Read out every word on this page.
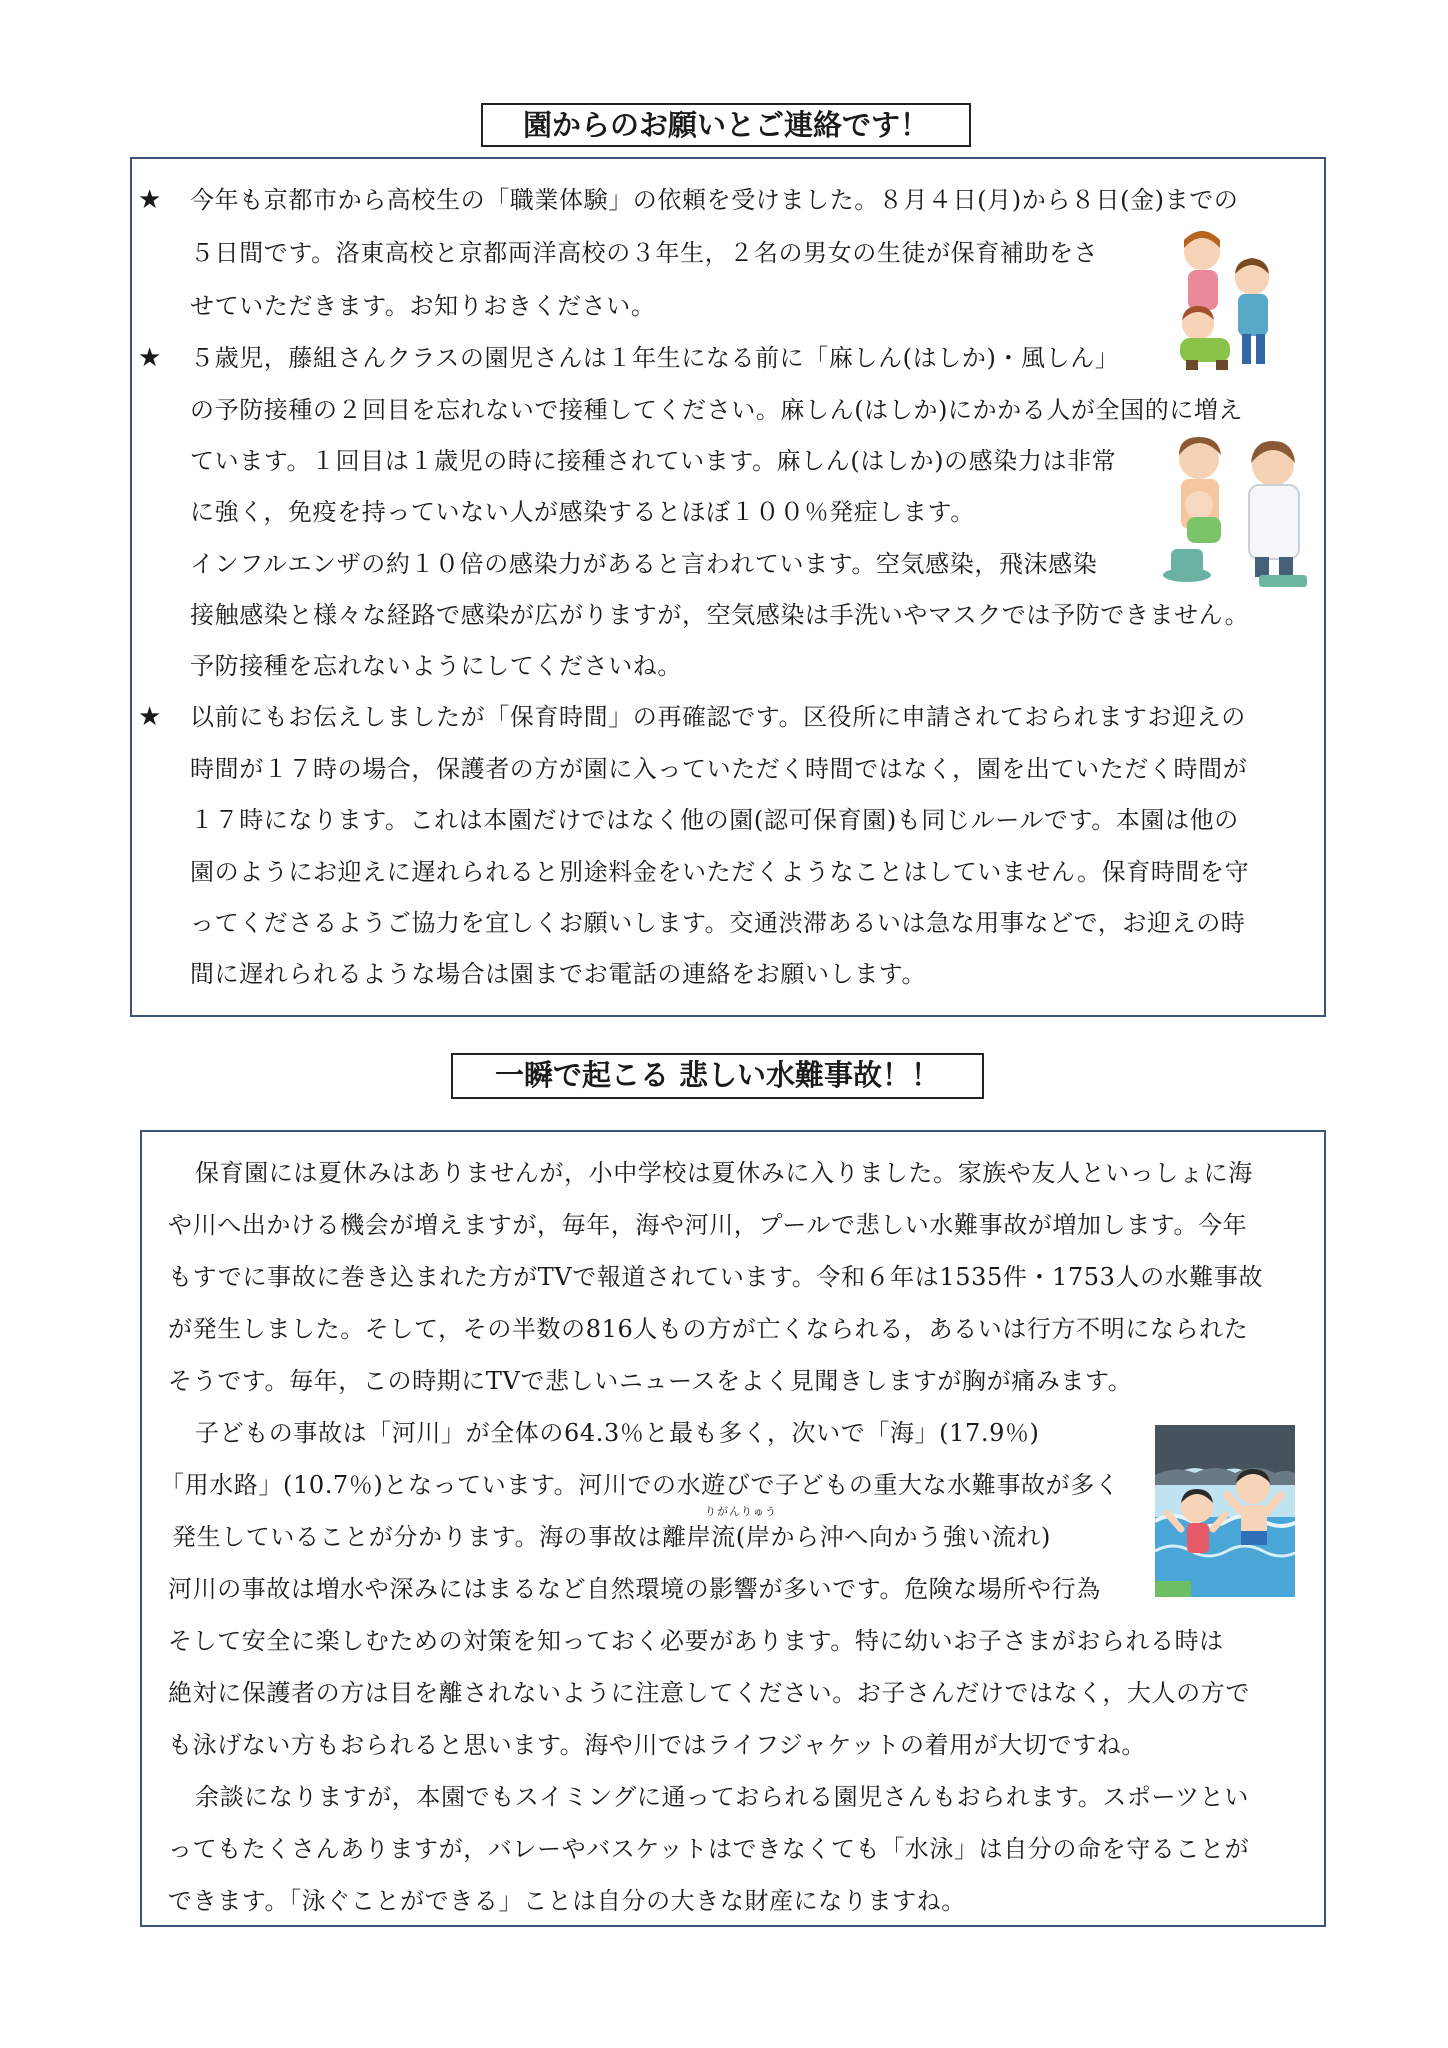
園からのお願いとご連絡です！
★ 今年も京都市から高校生の「職業体験」の依頼を受けました。８月４日(月)から８日(金)までの
５日間です。洛東高校と京都両洋高校の３年生，２名の男女の生徒が保育補助をさ
せていただきます。お知りおきください。
★ ５歳児，藤組さんクラスの園児さんは１年生になる前に「麻しん(はしか)・風しん」
の予防接種の２回目を忘れないで接種してください。麻しん(はしか)にかかる人が全国的に増え
ています。１回目は１歳児の時に接種されています。麻しん(はしか)の感染力は非常
に強く，免疫を持っていない人が感染するとほぼ１００％発症します。
インフルエンザの約１０倍の感染力があると言われています。空気感染，飛沫感染
接触感染と様々な経路で感染が広がりますが，空気感染は手洗いやマスクでは予防できません。
予防接種を忘れないようにしてくださいね。
★ 以前にもお伝えしましたが「保育時間」の再確認です。区役所に申請されておられますお迎えの
時間が１７時の場合，保護者の方が園に入っていただく時間ではなく，園を出ていただく時間が
１７時になります。これは本園だけではなく他の園(認可保育園)も同じルールです。本園は他の
園のようにお迎えに遅れられると別途料金をいただくようなことはしていません。保育時間を守
ってくださるようご協力を宜しくお願いします。交通渋滞あるいは急な用事などで，お迎えの時
間に遅れられるような場合は園までお電話の連絡をお願いします。
一瞬で起こる 悲しい水難事故！！
保育園には夏休みはありませんが，小中学校は夏休みに入りました。家族や友人といっしょに海
や川へ出かける機会が増えますが，毎年，海や河川，プールで悲しい水難事故が増加します。今年
もすでに事故に巻き込まれた方がTVで報道されています。令和６年は1535件・1753人の水難事故
が発生しました。そして，その半数の816人もの方が亡くなられる，あるいは行方不明になられた
そうです。毎年，この時期にTVで悲しいニュースをよく見聞きしますが胸が痛みます。
子どもの事故は「河川」が全体の64.3％と最も多く，次いで「海」(17.9％)
「用水路」(10.7％)となっています。河川での水遊びで子どもの重大な水難事故が多く
りがんりゅう
発生していることが分かります。海の事故は離岸流(岸から沖へ向かう強い流れ)
河川の事故は増水や深みにはまるなど自然環境の影響が多いです。危険な場所や行為
そして安全に楽しむための対策を知っておく必要があります。特に幼いお子さまがおられる時は
絶対に保護者の方は目を離されないように注意してください。お子さんだけではなく，大人の方で
も泳げない方もおられると思います。海や川ではライフジャケットの着用が大切ですね。
余談になりますが，本園でもスイミングに通っておられる園児さんもおられます。スポーツとい
ってもたくさんありますが，バレーやバスケットはできなくても「水泳」は自分の命を守ることが
できます。「泳ぐことができる」ことは自分の大きな財産になりますね。
